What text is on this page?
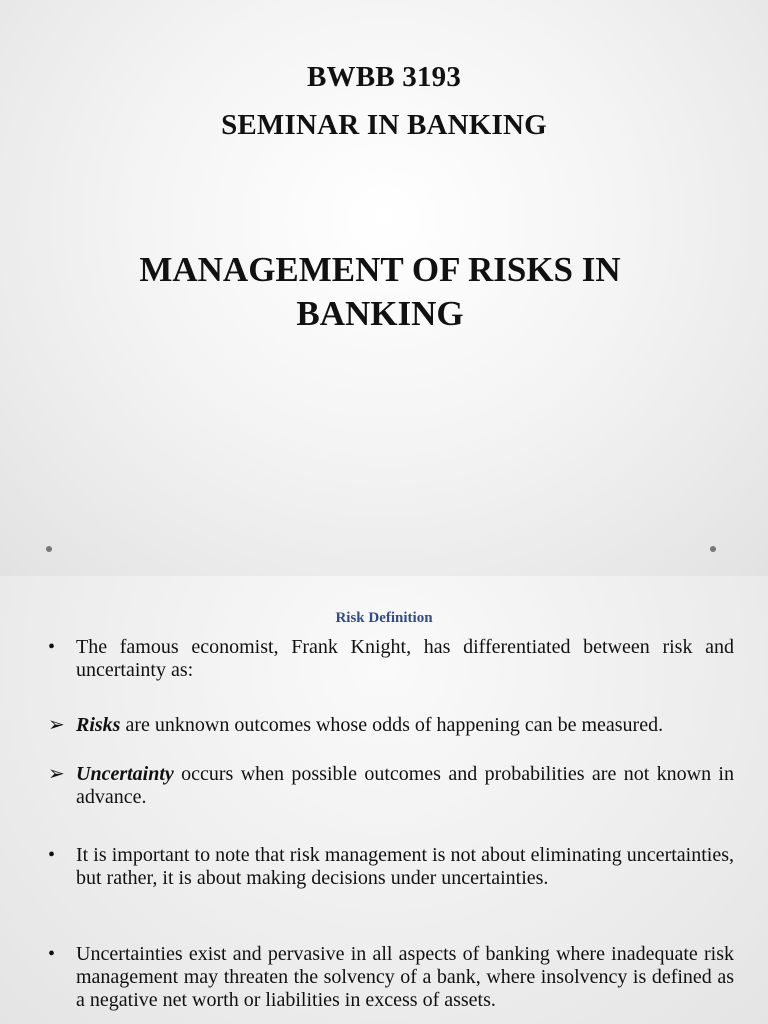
BWBB 3193
SEMINAR IN BANKING
MANAGEMENT OF RISKS IN BANKING
Risk Definition
• The famous economist, Frank Knight, has differentiated between risk and uncertainty as:
➢ Risks are unknown outcomes whose odds of happening can be measured.
➢ Uncertainty occurs when possible outcomes and probabilities are not known in advance.
• It is important to note that risk management is not about eliminating uncertainties, but rather, it is about making decisions under uncertainties.
• Uncertainties exist and pervasive in all aspects of banking where inadequate risk management may threaten the solvency of a bank, where insolvency is defined as a negative net worth or liabilities in excess of assets.
